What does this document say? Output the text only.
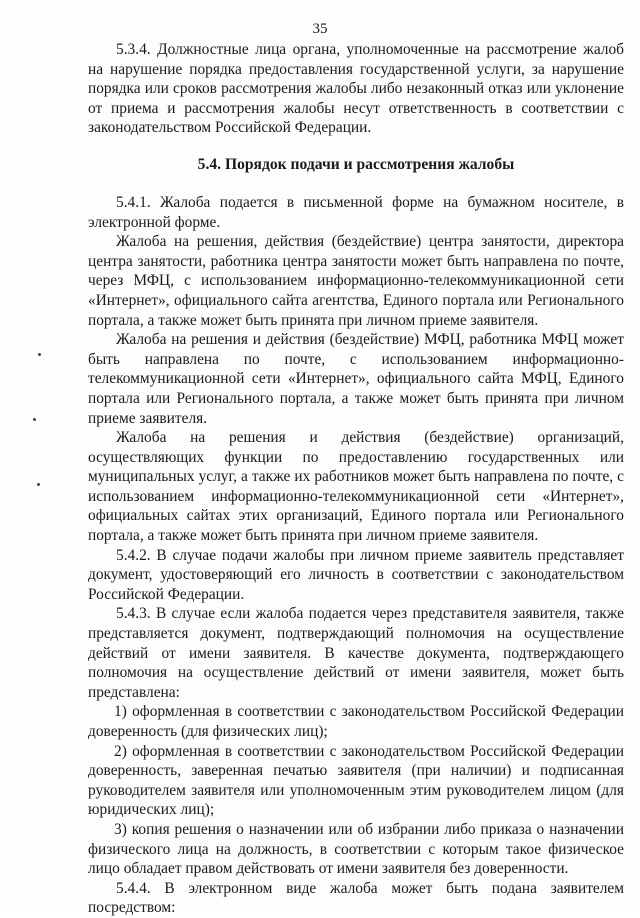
35

5.3.4. Должностные лица органа, уполномоченные на рассмотрение жалоб на нарушение порядка предоставления государственной услуги, за нарушение порядка или сроков рассмотрения жалобы либо незаконный отказ или уклонение от приема и рассмотрения жалобы несут ответственность в соответствии с законодательством Российской Федерации.

5.4. Порядок подачи и рассмотрения жалобы

5.4.1. Жалоба подается в письменной форме на бумажном носителе, в электронной форме.

Жалоба на решения, действия (бездействие) центра занятости, директора центра занятости, работника центра занятости может быть направлена по почте, через МФЦ, с использованием информационно-телекоммуникационной сети «Интернет», официального сайта агентства, Единого портала или Регионального портала, а также может быть принята при личном приеме заявителя.

Жалоба на решения и действия (бездействие) МФЦ, работника МФЦ может быть направлена по почте, с использованием информационно-телекоммуникационной сети «Интернет», официального сайта МФЦ, Единого портала или Регионального портала, а также может быть принята при личном приеме заявителя.

Жалоба на решения и действия (бездействие) организаций, осуществляющих функции по предоставлению государственных или муниципальных услуг, а также их работников может быть направлена по почте, с использованием информационно-телекоммуникационной сети «Интернет», официальных сайтах этих организаций, Единого портала или Регионального портала, а также может быть принята при личном приеме заявителя.

5.4.2. В случае подачи жалобы при личном приеме заявитель представляет документ, удостоверяющий его личность в соответствии с законодательством Российской Федерации.

5.4.3. В случае если жалоба подается через представителя заявителя, также представляется документ, подтверждающий полномочия на осуществление действий от имени заявителя. В качестве документа, подтверждающего полномочия на осуществление действий от имени заявителя, может быть представлена:

1) оформленная в соответствии с законодательством Российской Федерации доверенность (для физических лиц);

2) оформленная в соответствии с законодательством Российской Федерации доверенность, заверенная печатью заявителя (при наличии) и подписанная руководителем заявителя или уполномоченным этим руководителем лицом (для юридических лиц);

3) копия решения о назначении или об избрании либо приказа о назначении физического лица на должность, в соответствии с которым такое физическое лицо обладает правом действовать от имени заявителя без доверенности.

5.4.4. В электронном виде жалоба может быть подана заявителем посредством:
